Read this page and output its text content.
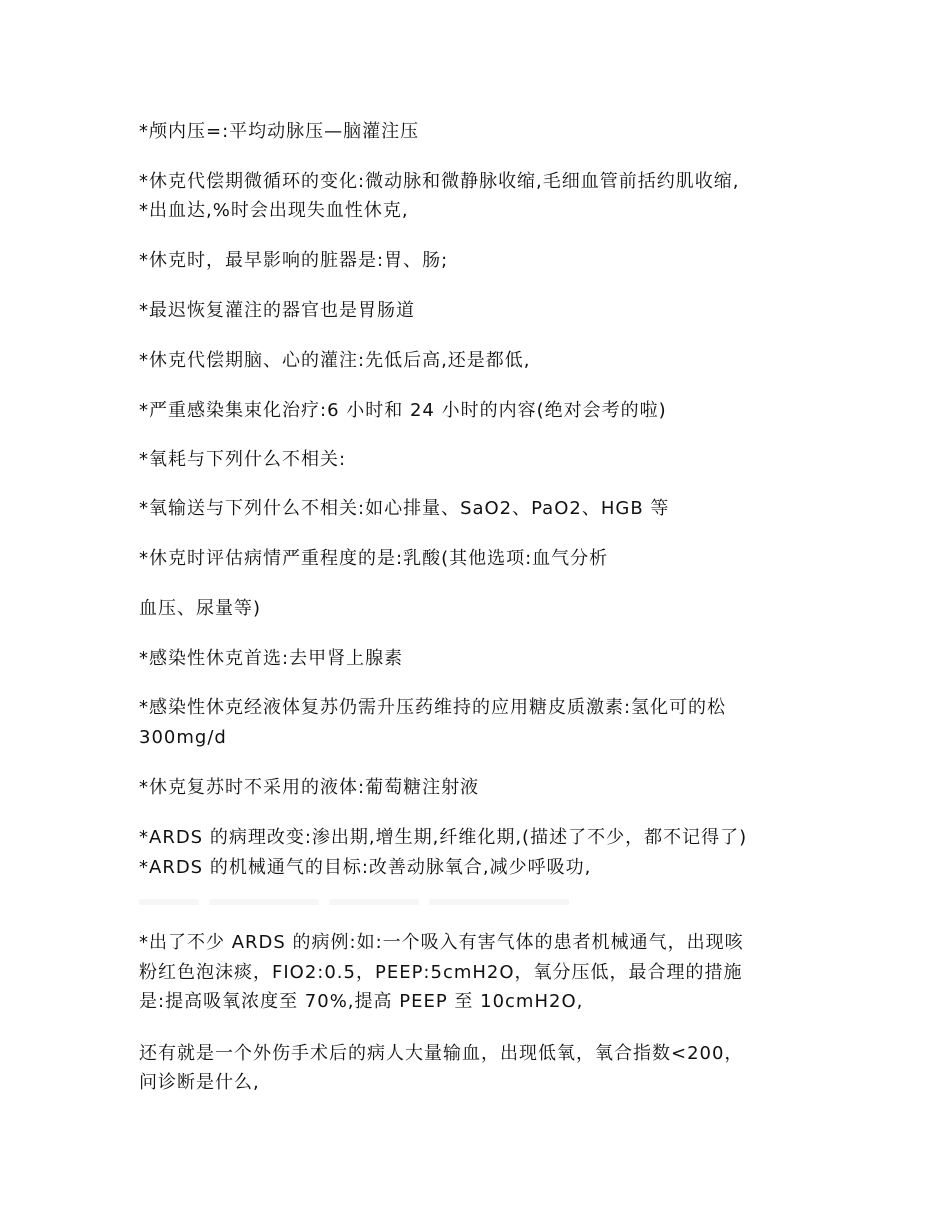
*颅内压=:平均动脉压—脑灌注压
*休克代偿期微循环的变化:微动脉和微静脉收缩,毛细血管前括约肌收缩,
*出血达,%时会出现失血性休克,
*休克时，最早影响的脏器是:胃、肠;
*最迟恢复灌注的器官也是胃肠道
*休克代偿期脑、心的灌注:先低后高,还是都低,
*严重感染集束化治疗:6 小时和 24 小时的内容(绝对会考的啦)
*氧耗与下列什么不相关:
*氧输送与下列什么不相关:如心排量、SaO2、PaO2、HGB 等
*休克时评估病情严重程度的是:乳酸(其他选项:血气分析
血压、尿量等)
*感染性休克首选:去甲肾上腺素
*感染性休克经液体复苏仍需升压药维持的应用糖皮质激素:氢化可的松
300mg/d
*休克复苏时不采用的液体:葡萄糖注射液
*ARDS 的病理改变:渗出期,增生期,纤维化期,(描述了不少，都不记得了)
*ARDS 的机械通气的目标:改善动脉氧合,减少呼吸功,
*出了不少 ARDS 的病例:如:一个吸入有害气体的患者机械通气，出现咳
粉红色泡沫痰，FIO2:0.5，PEEP:5cmH2O，氧分压低，最合理的措施
是:提高吸氧浓度至 70%,提高 PEEP 至 10cmH2O,
还有就是一个外伤手术后的病人大量输血，出现低氧，氧合指数<200，
问诊断是什么,
